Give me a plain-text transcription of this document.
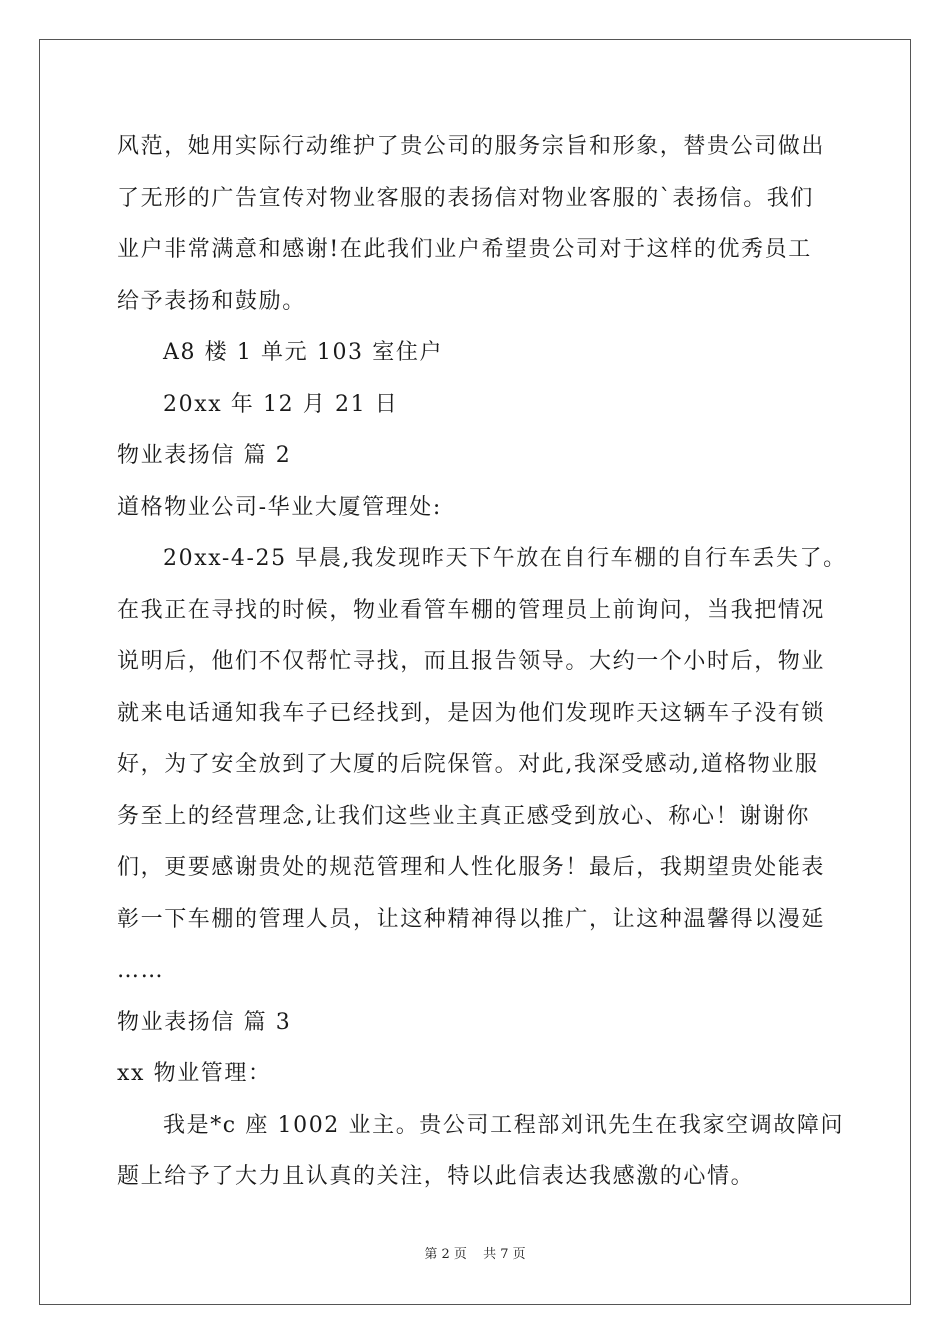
风范，她用实际行动维护了贵公司的服务宗旨和形象，替贵公司做出
了无形的广告宣传对物业客服的表扬信对物业客服的`表扬信。我们
业户非常满意和感谢!在此我们业户希望贵公司对于这样的优秀员工
给予表扬和鼓励。
A8 楼 1 单元 103 室住户
20xx 年 12 月 21 日
物业表扬信 篇 2
道格物业公司-华业大厦管理处:
20xx-4-25 早晨,我发现昨天下午放在自行车棚的自行车丢失了。
在我正在寻找的时候，物业看管车棚的管理员上前询问，当我把情况
说明后，他们不仅帮忙寻找，而且报告领导。大约一个小时后，物业
就来电话通知我车子已经找到，是因为他们发现昨天这辆车子没有锁
好，为了安全放到了大厦的后院保管。对此,我深受感动,道格物业服
务至上的经营理念,让我们这些业主真正感受到放心、称心！谢谢你
们，更要感谢贵处的规范管理和人性化服务！最后，我期望贵处能表
彰一下车棚的管理人员，让这种精神得以推广，让这种温馨得以漫延
……
物业表扬信 篇 3
xx 物业管理：
我是*c 座 1002 业主。贵公司工程部刘讯先生在我家空调故障问
题上给予了大力且认真的关注，特以此信表达我感激的心情。
第 2 页 共 7 页
